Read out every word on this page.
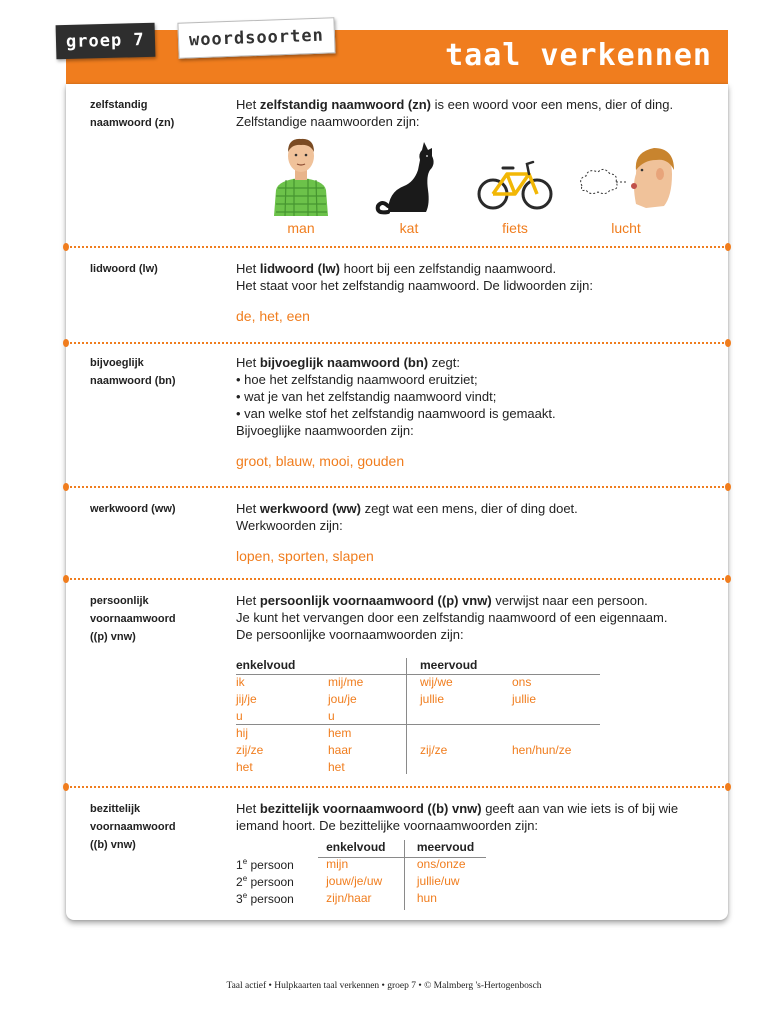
taal verkennen
groep 7	woordsoorten
zelfstandig
naamwoord (zn)
Het zelfstandig naamwoord (zn) is een woord voor een mens, dier of ding.
Zelfstandige naamwoorden zijn:
man	kat	fiets	lucht
lidwoord (lw)	Het lidwoord (lw) hoort bij een zelfstandig naamwoord.
Het staat voor het zelfstandig naamwoord. De lidwoorden zijn:
de, het, een
bijvoeglijk
naamwoord (bn)
Het bijvoeglijk naamwoord (bn) zegt:
• hoe het zelfstandig naamwoord eruitziet;
• wat je van het zelfstandig naamwoord vindt;
• van welke stof het zelfstandig naamwoord is gemaakt.
Bijvoeglijke naamwoorden zijn:
groot, blauw, mooi, gouden
werkwoord (ww)	Het werkwoord (ww) zegt wat een mens, dier of ding doet.
Werkwoorden zijn:
lopen, sporten, slapen
persoonlijk
voornaamwoord
((p) vnw)
Het persoonlijk voornaamwoord ((p) vnw) verwijst naar een persoon.
Je kunt het vervangen door een zelfstandig naamwoord of een eigennaam.
De persoonlijke voornaamwoorden zijn:
enkelvoud		meervoud	
ik	mij/me	wij/we	ons
jij/je	jou/je	jullie	jullie
u	u		
hij	hem		
zij/ze	haar	zij/ze	hen/hun/ze
het	het		
bezittelijk
voornaamwoord
((b) vnw)
Het bezittelijk voornaamwoord ((b) vnw) geeft aan van wie iets is of bij wie
iemand hoort. De bezittelijke voornaamwoorden zijn:
	enkelvoud	meervoud
1e persoon	mijn	ons/onze
2e persoon	jouw/je/uw	jullie/uw
3e persoon	zijn/haar	hun
Taal actief • Hulpkaarten taal verkennen • groep 7 • © Malmberg 's-Hertogenbosch
